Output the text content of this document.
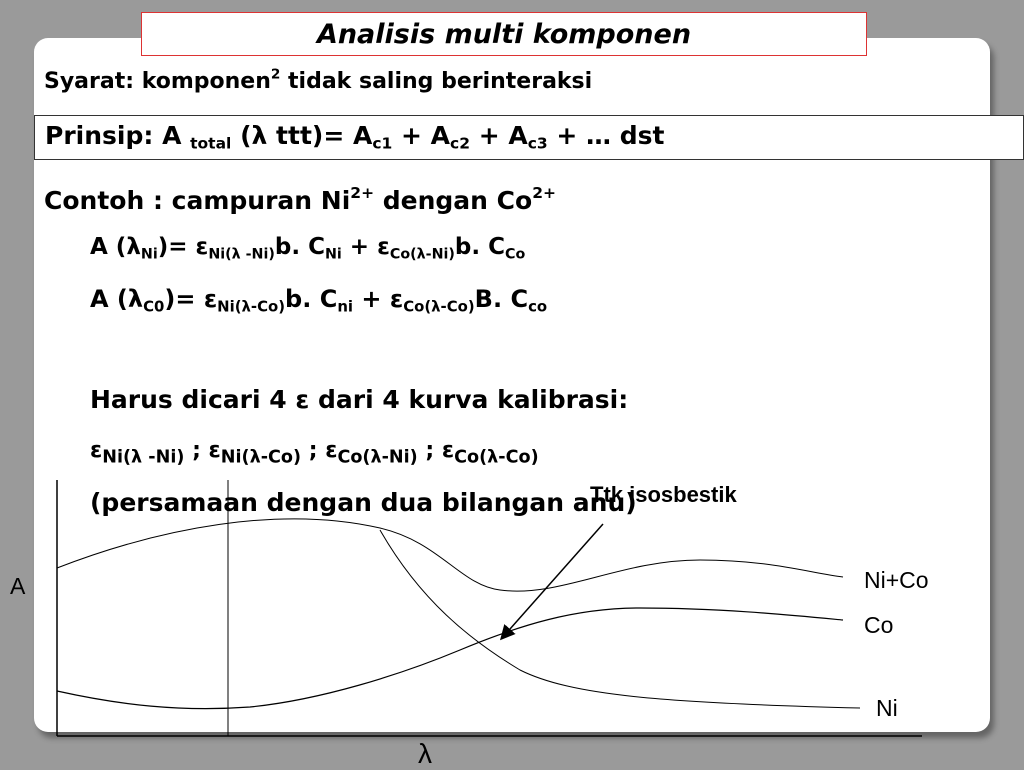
Analisis multi komponen
Syarat: komponen$^2$ tidak saling berinteraksi
Prinsip: A $_{total}$ (λ $ttt)= A_{c1} + A_{c2} + A_{c3}$ + … dst
Contoh : campuran $Ni^{2+}$ dengan $Co^{2+}$
A $(\lambda_{Ni})= \varepsilon_{Ni(\lambda -Ni)}b$. $C_{Ni} + \varepsilon_{Co(\lambda-Ni)}b$. $C_{Co}$
A $(\lambda_{C0})= \varepsilon_{Ni(\lambda-Co)}b$. $C_{ni} + \varepsilon_{Co(\lambda-Co)}B$. $C_{co}$
Harus dicari 4 ε dari 4 kurva kalibrasi:
$\varepsilon_{Ni(\lambda -Ni)}$ ; $\varepsilon_{Ni(\lambda-Co)}$ ; $\varepsilon_{Co(\lambda-Ni)}$ ; $\varepsilon_{Co(\lambda-Co)}$
(persamaan dengan dua bilangan anu)
Ttk isosbestik
A
λ
Ni+Co
Co
Ni
